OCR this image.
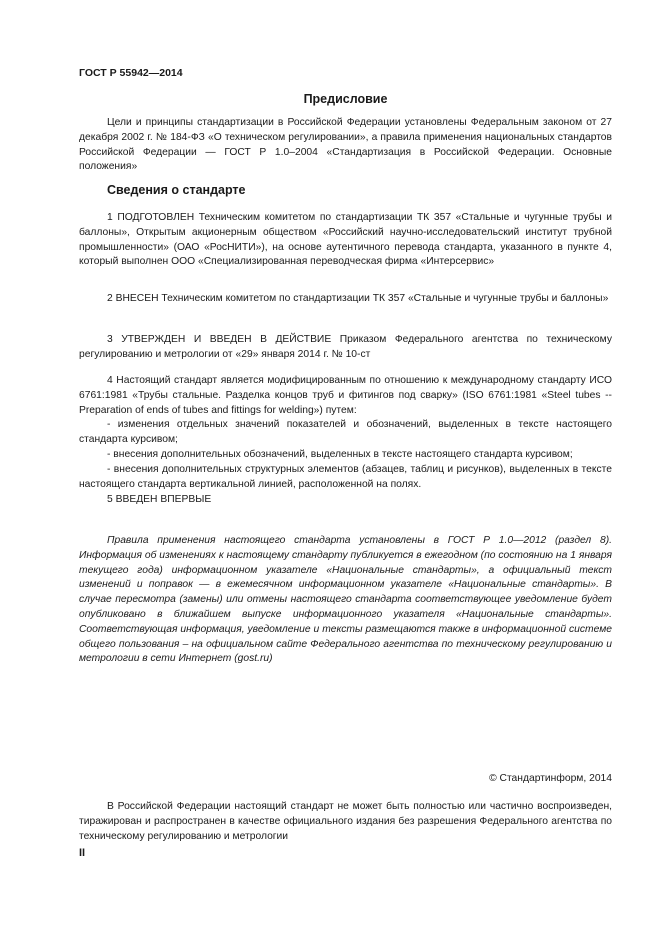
ГОСТ Р 55942—2014
Предисловие

Цели и принципы стандартизации в Российской Федерации установлены Федеральным законом от 27 декабря 2002 г. № 184-ФЗ «О техническом регулировании», а правила применения национальных стандартов Российской Федерации — ГОСТ Р 1.0–2004 «Стандартизация в Российской Федерации. Основные положения»

Сведения о стандарте

1 ПОДГОТОВЛЕН Техническим комитетом по стандартизации ТК 357 «Стальные и чугунные трубы и баллоны», Открытым акционерным обществом «Российский научно-исследовательский институт трубной промышленности» (ОАО «РосНИТИ»), на основе аутентичного перевода стандарта, указанного в пункте 4, который выполнен ООО «Специализированная переводческая фирма «Интерсервис»

2 ВНЕСЕН Техническим комитетом по стандартизации ТК 357 «Стальные и чугунные трубы и баллоны»

3 УТВЕРЖДЕН И ВВЕДЕН В ДЕЙСТВИЕ Приказом Федерального агентства по техническому регулированию и метрологии от «29» января 2014 г. № 10-ст

4 Настоящий стандарт является модифицированным по отношению к международному стандарту ИСО 6761:1981 «Трубы стальные. Разделка концов труб и фитингов под сварку» (ISO 6761:1981 «Steel tubes -- Preparation of ends of tubes and fittings for welding») путем:

- изменения отдельных значений показателей и обозначений, выделенных в тексте настоящего стандарта курсивом;

- внесения дополнительных обозначений, выделенных в тексте настоящего стандарта курсивом;

- внесения дополнительных структурных элементов (абзацев, таблиц и рисунков), выделенных в тексте настоящего стандарта вертикальной линией, расположенной на полях.

5 ВВЕДЕН ВПЕРВЫЕ

Правила применения настоящего стандарта установлены в ГОСТ Р 1.0—2012 (раздел 8). Информация об изменениях к настоящему стандарту публикуется в ежегодном (по состоянию на 1 января текущего года) информационном указателе «Национальные стандарты», а официальный текст изменений и поправок — в ежемесячном информационном указателе «Национальные стандарты». В случае пересмотра (замены) или отмены настоящего стандарта соответствующее уведомление будет опубликовано в ближайшем выпуске информационного указателя «Национальные стандарты». Соответствующая информация, уведомление и тексты размещаются также в информационной системе общего пользования – на официальном сайте Федерального агентства по техническому регулированию и метрологии в сети Интернет (gost.ru)

© Стандартинформ, 2014

В Российской Федерации настоящий стандарт не может быть полностью или частично воспроизведен, тиражирован и распространен в качестве официального издания без разрешения Федерального агентства по техническому регулированию и метрологии

II
